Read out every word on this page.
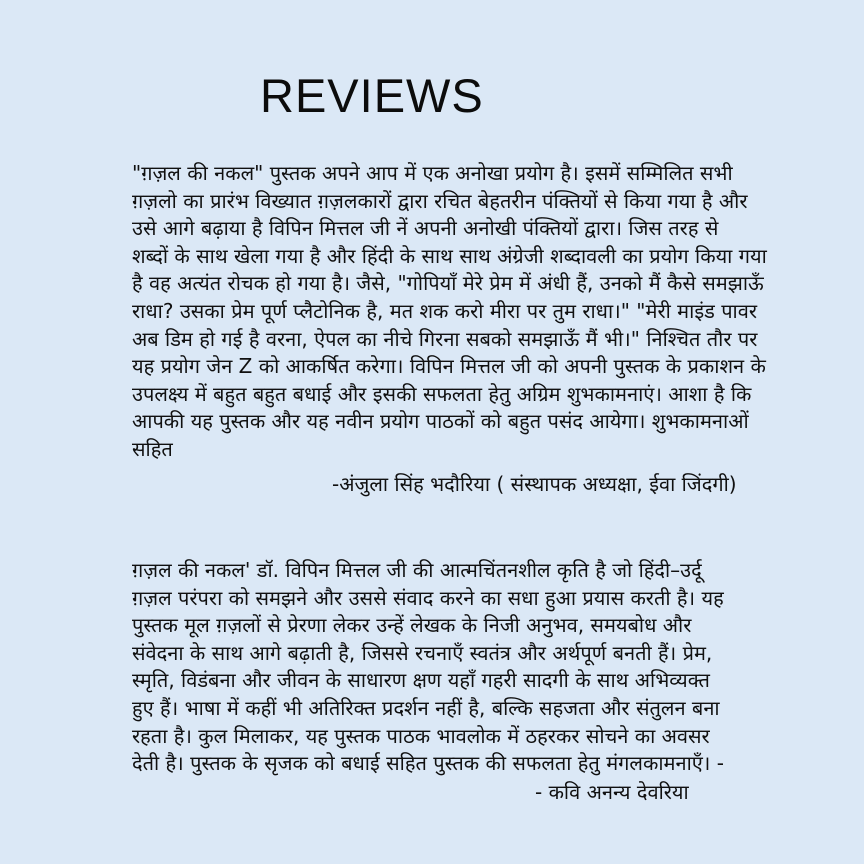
REVIEWS
"ग़ज़ल की नकल" पुस्तक अपने आप में एक अनोखा प्रयोग है। इसमें सम्मिलित सभी
ग़ज़लो का प्रारंभ विख्यात ग़ज़लकारों द्वारा रचित बेहतरीन पंक्तियों से किया गया है और
उसे आगे बढ़ाया है विपिन मित्तल जी नें अपनी अनोखी पंक्तियों द्वारा। जिस तरह से
शब्दों के साथ खेला गया है और हिंदी के साथ साथ अंग्रेजी शब्दावली का प्रयोग किया गया
है वह अत्यंत रोचक हो गया है। जैसे, "गोपियाँ मेरे प्रेम में अंधी हैं, उनको मैं कैसे समझाऊँ
राधा? उसका प्रेम पूर्ण प्लैटोनिक है, मत शक करो मीरा पर तुम राधा।" "मेरी माइंड पावर
अब डिम हो गई है वरना, ऐपल का नीचे गिरना सबको समझाऊँ मैं भी।" निश्चित तौर पर
यह प्रयोग जेन Z को आकर्षित करेगा। विपिन मित्तल जी को अपनी पुस्तक के प्रकाशन के
उपलक्ष्य में बहुत बहुत बधाई और इसकी सफलता हेतु अग्रिम शुभकामनाएं। आशा है कि
आपकी यह पुस्तक और यह नवीन प्रयोग पाठकों को बहुत पसंद आयेगा। शुभकामनाओं
सहित
-अंजुला सिंह भदौरिया ( संस्थापक अध्यक्षा, ईवा जिंदगी)
ग़ज़ल की नकल' डॉ. विपिन मित्तल जी की आत्मचिंतनशील कृति है जो हिंदी–उर्दू
ग़ज़ल परंपरा को समझने और उससे संवाद करने का सधा हुआ प्रयास करती है। यह
पुस्तक मूल ग़ज़लों से प्रेरणा लेकर उन्हें लेखक के निजी अनुभव, समयबोध और
संवेदना के साथ आगे बढ़ाती है, जिससे रचनाएँ स्वतंत्र और अर्थपूर्ण बनती हैं। प्रेम,
स्मृति, विडंबना और जीवन के साधारण क्षण यहाँ गहरी सादगी के साथ अभिव्यक्त
हुए हैं। भाषा में कहीं भी अतिरिक्त प्रदर्शन नहीं है, बल्कि सहजता और संतुलन बना
रहता है। कुल मिलाकर, यह पुस्तक पाठक भावलोक में ठहरकर सोचने का अवसर
देती है। पुस्तक के सृजक को बधाई सहित पुस्तक की सफलता हेतु मंगलकामनाएँ। -
- कवि अनन्य देवरिया
